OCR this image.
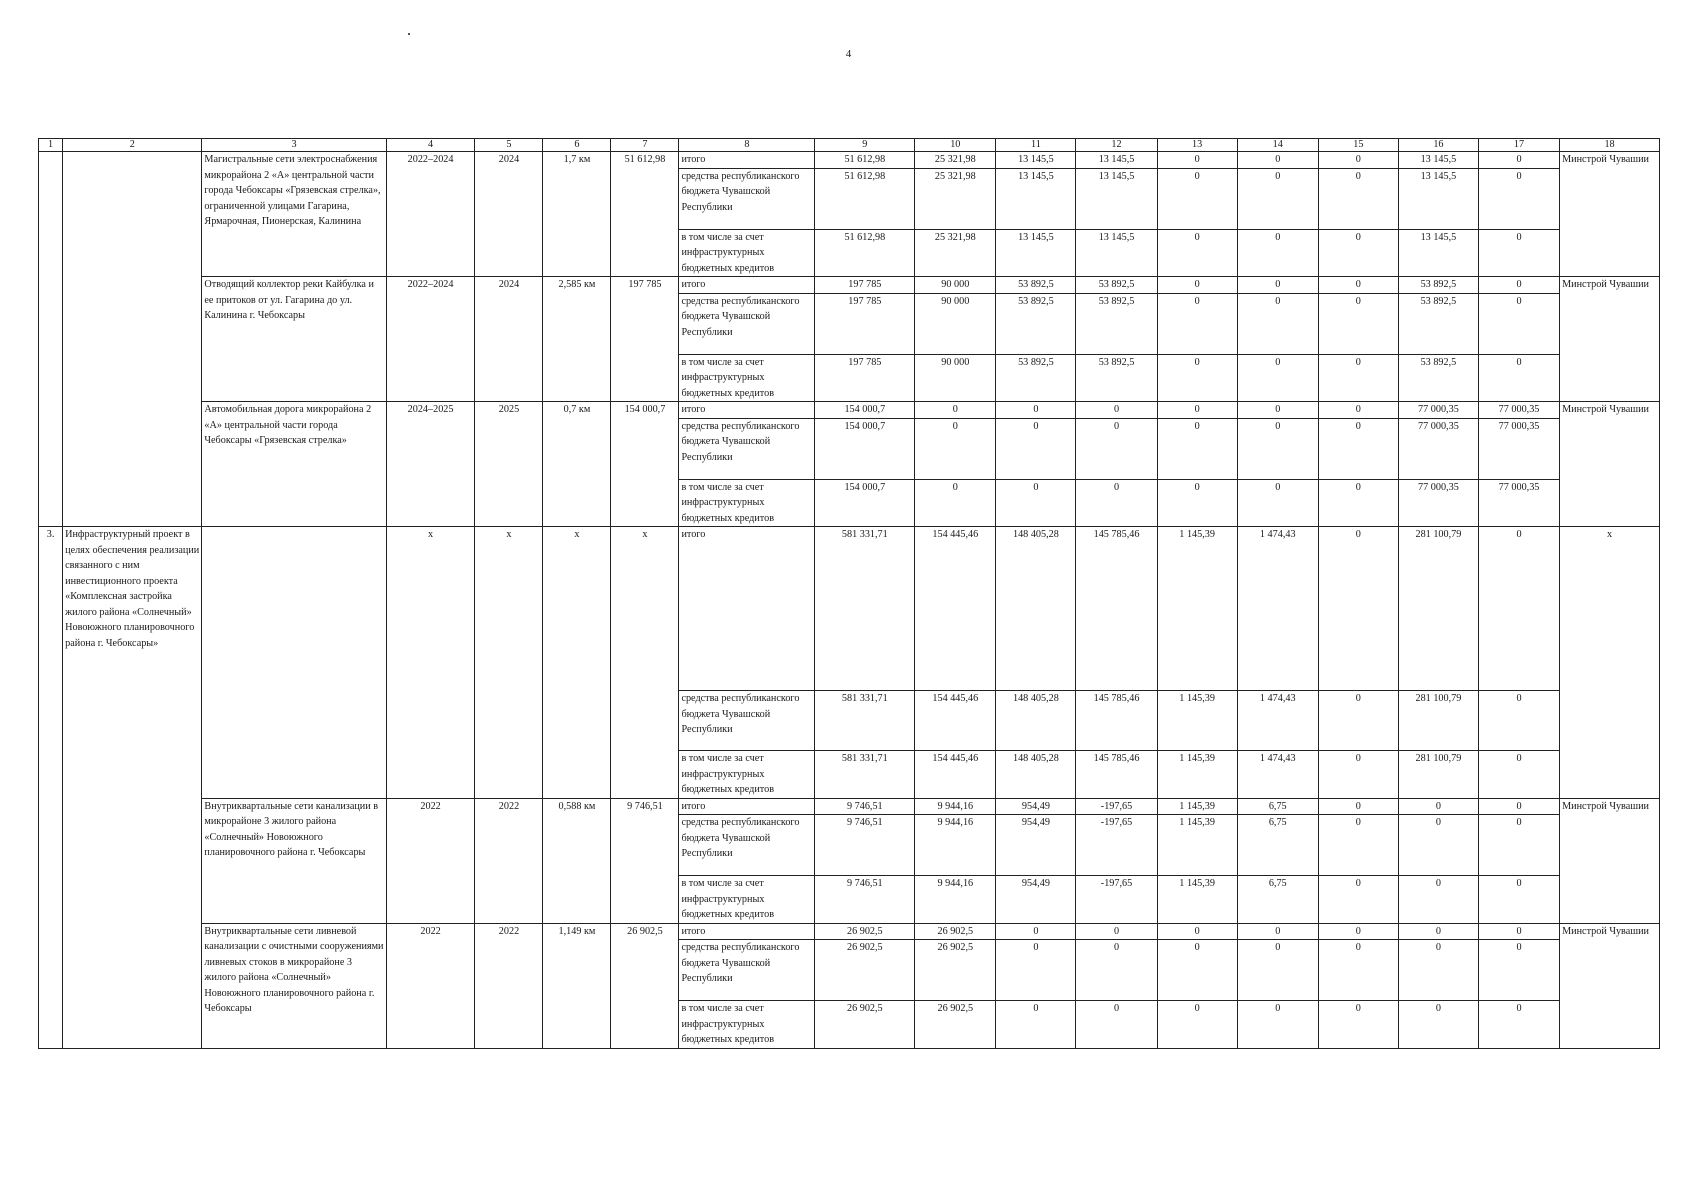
4
1	2	3	4	5	6	7	8	9	10	11	12	13	14	15	16	17	18
		Магистральные сети электроснабжения микрорайона 2 «А» центральной части города Чебоксары «Грязевская стрелка», ограниченной улицами Гагарина, Ярмарочная, Пионерская, Калинина	2022–2024	2024	1,7 км	51 612,98	итого	51 612,98	25 321,98	13 145,5	13 145,5	0	0	0	13 145,5	0	Минстрой Чувашии
							средства республиканского бюджета Чувашской Республики	51 612,98	25 321,98	13 145,5	13 145,5	0	0	0	13 145,5	0	
							в том числе за счет инфраструктурных бюджетных кредитов	51 612,98	25 321,98	13 145,5	13 145,5	0	0	0	13 145,5	0	
		Отводящий коллектор реки Кайбулка и ее притоков от ул. Гагарина до ул. Калинина г. Чебоксары	2022–2024	2024	2,585 км	197 785	итого	197 785	90 000	53 892,5	53 892,5	0	0	0	53 892,5	0	Минстрой Чувашии
							средства республиканского бюджета Чувашской Республики	197 785	90 000	53 892,5	53 892,5	0	0	0	53 892,5	0	
							в том числе за счет инфраструктурных бюджетных кредитов	197 785	90 000	53 892,5	53 892,5	0	0	0	53 892,5	0	
		Автомобильная дорога микрорайона 2 «А» центральной части города Чебоксары «Грязевская стрелка»	2024–2025	2025	0,7 км	154 000,7	итого	154 000,7	0	0	0	0	0	0	77 000,35	77 000,35	Минстрой Чувашии
							средства республиканского бюджета Чувашской Республики	154 000,7	0	0	0	0	0	0	77 000,35	77 000,35	
							в том числе за счет инфраструктурных бюджетных кредитов	154 000,7	0	0	0	0	0	0	77 000,35	77 000,35	
3.	Инфраструктурный проект в целях обеспечения реализации связанного с ним инвестиционного проекта «Комплексная застройка жилого района «Солнечный» Новоюжного планировочного района г. Чебоксары»		х	х	х	х	итого	581 331,71	154 445,46	148 405,28	145 785,46	1 145,39	1 474,43	0	281 100,79	0	х
							средства республиканского бюджета Чувашской Республики	581 331,71	154 445,46	148 405,28	145 785,46	1 145,39	1 474,43	0	281 100,79	0	
							в том числе за счет инфраструктурных бюджетных кредитов	581 331,71	154 445,46	148 405,28	145 785,46	1 145,39	1 474,43	0	281 100,79	0	
		Внутриквартальные сети канализации в микрорайоне 3 жилого района «Солнечный» Новоюжного планировочного района г. Чебоксары	2022	2022	0,588 км	9 746,51	итого	9 746,51	9 944,16	954,49	-197,65	1 145,39	6,75	0	0	0	Минстрой Чувашии
							средства республиканского бюджета Чувашской Республики	9 746,51	9 944,16	954,49	-197,65	1 145,39	6,75	0	0	0	
							в том числе за счет инфраструктурных бюджетных кредитов	9 746,51	9 944,16	954,49	-197,65	1 145,39	6,75	0	0	0	
		Внутриквартальные сети ливневой канализации с очистными сооружениями ливневых стоков в микрорайоне 3 жилого района «Солнечный» Новоюжного планировочного района г. Чебоксары	2022	2022	1,149 км	26 902,5	итого	26 902,5	26 902,5	0	0	0	0	0	0	0	Минстрой Чувашии
							средства республиканского бюджета Чувашской Республики	26 902,5	26 902,5	0	0	0	0	0	0	0	
							в том числе за счет инфраструктурных бюджетных кредитов	26 902,5	26 902,5	0	0	0	0	0	0	0	
